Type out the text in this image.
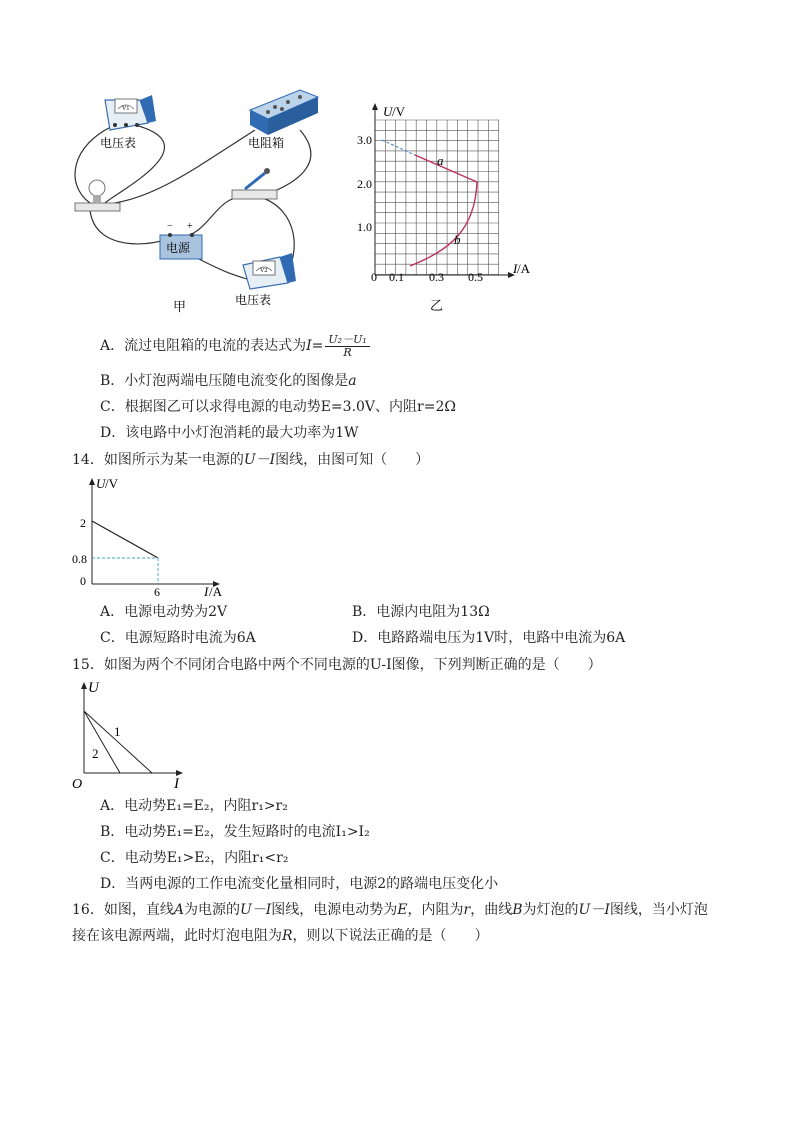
V1
电压表	电阻箱
− +
电源
V2
电压表
甲
U /V
I /A
3.0
2.0
1.0
0 0.1 0.3 0.5
a
b
乙
A．流过电阻箱的电流的表达式为$I= \frac{\text{U₂－U₁}}{R}$
B．小灯泡两端电压随电流变化的图像是a
C．根据图乙可以求得电源的电动势E=3.0V、内阻r=2Ω
D．该电路中小灯泡消耗的最大功率为1W
14．如图所示为某一电源的U－I图线，由图可知（　　）
U /V
I /A
2
0.8
0
6
A．电源电动势为2V	B．电源内电阻为13Ω
C．电源短路时电流为6A	D．电路路端电压为1V时，电路中电流为6A
15．如图为两个不同闭合电路中两个不同电源的U-I图像，下列判断正确的是（　　）
U
I
O
1
2
A．电动势E₁=E₂，内阻r₁>r₂
B．电动势E₁=E₂，发生短路时的电流I₁>I₂
C．电动势E₁>E₂，内阻r₁<r₂
D．当两电源的工作电流变化量相同时，电源2的路端电压变化小
16．如图，直线A为电源的U－I图线，电源电动势为E，内阻为r，曲线B为灯泡的U－I图线，当小灯泡
接在该电源两端，此时灯泡电阻为R，则以下说法正确的是（　　）
